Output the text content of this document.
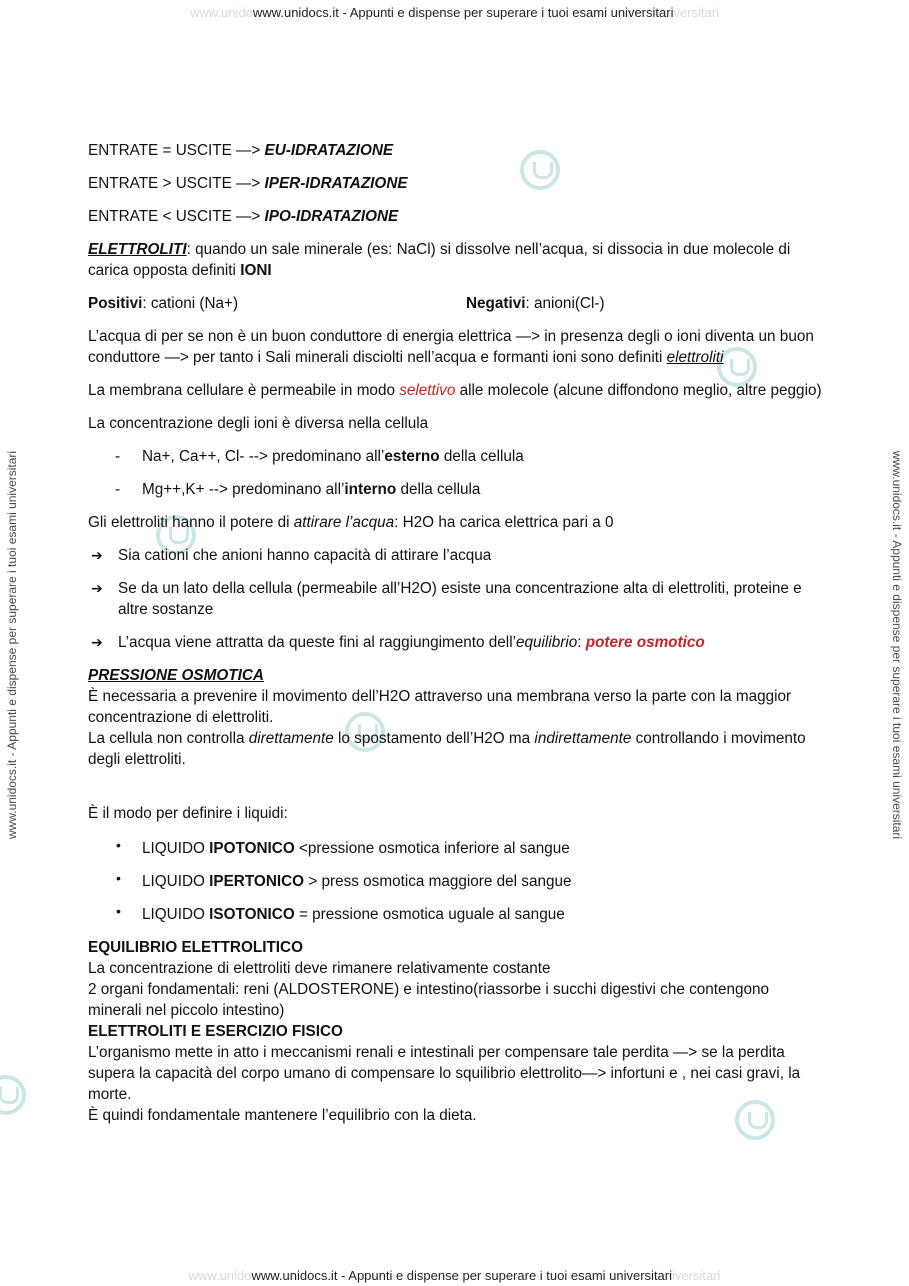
www.unidowww.unidocs.it - Appunti e dispense per superare i tuoi esami universitariversitari
www.unidowww.unidocs.it - Appunti e dispense per superare i tuoi esami universitariiversitari
www.unidocs.it - Appunti e dispense per superare i tuoi esami universitari	www.unidocs.it - Appunti e dispense per superare i tuoi esami universitari

ENTRATE = USCITE —> EU-IDRATAZIONE

ENTRATE > USCITE —> IPER-IDRATAZIONE

ENTRATE < USCITE —> IPO-IDRATAZIONE

ELETTROLITI: quando un sale minerale (es: NaCl) si dissolve nell’acqua, si dissocia in due molecole di carica opposta definiti IONI

Positivi: cationi (Na+)	Negativi: anioni(Cl-)

L’acqua di per se non è un buon conduttore di energia elettrica —> in presenza degli o ioni diventa un buon conduttore —> per tanto i Sali minerali disciolti nell’acqua e formanti ioni sono definiti elettroliti

La membrana cellulare è permeabile in modo selettivo alle molecole (alcune diffondono meglio, altre peggio)

La concentrazione degli ioni è diversa nella cellula

- Na+, Ca++, Cl- --> predominano all’esterno della cellula

- Mg++,K+ --> predominano all’interno della cellula

Gli elettroliti hanno il potere di attirare l’acqua: H2O ha carica elettrica pari a 0

➔ Sia cationi che anioni hanno capacità di attirare l’acqua

➔ Se da un lato della cellula (permeabile all’H2O) esiste una concentrazione alta di elettroliti, proteine e altre sostanze

➔ L’acqua viene attratta da queste fini al raggiungimento dell’equilibrio: potere osmotico

PRESSIONE OSMOTICA

È necessaria a prevenire il movimento dell’H2O attraverso una membrana verso la parte con la maggior concentrazione di elettroliti.

La cellula non controlla direttamente lo spostamento dell’H2O ma indirettamente controllando i movimento degli elettroliti.

È il modo per definire i liquidi:

• LIQUIDO IPOTONICO <pressione osmotica inferiore al sangue

• LIQUIDO IPERTONICO > press osmotica maggiore del sangue

• LIQUIDO ISOTONICO = pressione osmotica uguale al sangue

EQUILIBRIO ELETTROLITICO

La concentrazione di elettroliti deve rimanere relativamente costante

2 organi fondamentali: reni (ALDOSTERONE) e intestino(riassorbe i succhi digestivi che contengono minerali nel piccolo intestino)

ELETTROLITI E ESERCIZIO FISICO

L’organismo mette in atto i meccanismi renali e intestinali per compensare tale perdita —> se la perdita supera la capacità del corpo umano di compensare lo squilibrio elettrolito—> infortuni e , nei casi gravi, la morte.

È quindi fondamentale mantenere l’equilibrio con la dieta.
